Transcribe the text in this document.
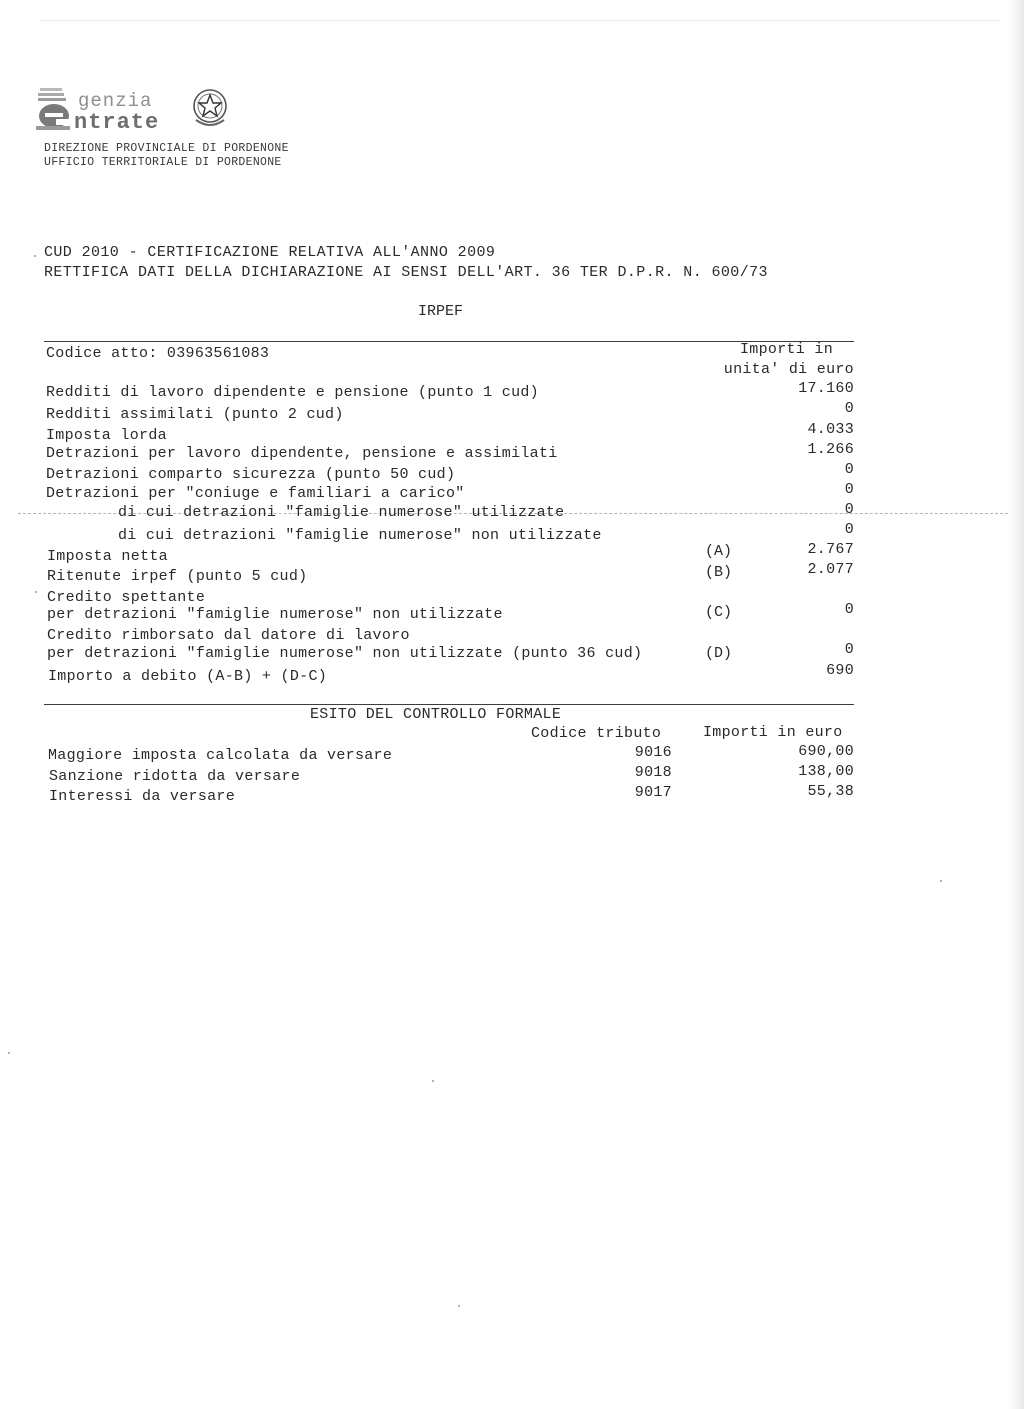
genzia
ntrate
DIREZIONE PROVINCIALE DI PORDENONE
UFFICIO TERRITORIALE DI PORDENONE
CUD 2010 - CERTIFICAZIONE RELATIVA ALL'ANNO 2009
RETTIFICA DATI DELLA DICHIARAZIONE AI SENSI DELL'ART. 36 TER D.P.R. N. 600/73
IRPEF
Codice atto: 03963561083	Importi in
unita' di euro
Redditi di lavoro dipendente e pensione (punto 1 cud)	17.160
Redditi assimilati (punto 2 cud)	0
Imposta lorda	4.033
Detrazioni per lavoro dipendente, pensione e assimilati	1.266
Detrazioni comparto sicurezza (punto 50 cud)	0
Detrazioni per "coniuge e familiari a carico"	0
di cui detrazioni "famiglie numerose" utilizzate	0
di cui detrazioni "famiglie numerose" non utilizzate	0
Imposta netta	(A)	2.767
Ritenute irpef (punto 5 cud)	(B)	2.077
Credito spettante
per detrazioni "famiglie numerose" non utilizzate	(C)	0
Credito rimborsato dal datore di lavoro
per detrazioni "famiglie numerose" non utilizzate (punto 36 cud)	(D)	0
Importo a debito (A-B) + (D-C)	690
ESITO DEL CONTROLLO FORMALE
Codice tributo	Importi in euro
Maggiore imposta calcolata da versare	9016	690,00
Sanzione ridotta da versare	9018	138,00
Interessi da versare	9017	55,38
